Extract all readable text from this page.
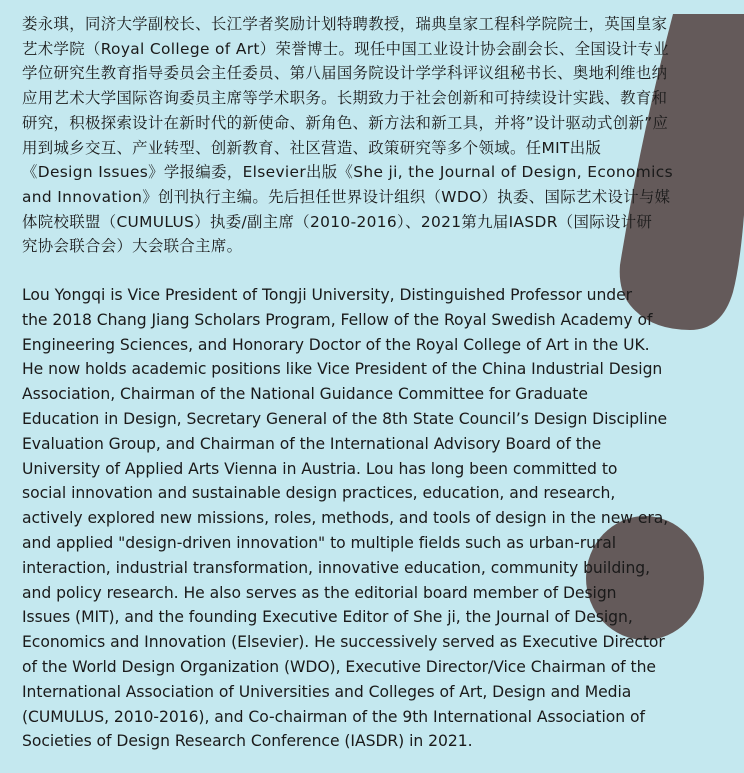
娄永琪，同济大学副校长、长江学者奖励计划特聘教授，瑞典皇家工程科学院院士，英国皇家
艺术学院（Royal College of Art）荣誉博士。现任中国工业设计协会副会长、全国设计专业
学位研究生教育指导委员会主任委员、第八届国务院设计学学科评议组秘书长、奥地利维也纳
应用艺术大学国际咨询委员主席等学术职务。长期致力于社会创新和可持续设计实践、教育和
研究，积极探索设计在新时代的新使命、新角色、新方法和新工具，并将”设计驱动式创新”应
用到城乡交互、产业转型、创新教育、社区营造、政策研究等多个领域。任MIT出版
《Design Issues》学报编委，Elsevier出版《She ji, the Journal of Design, Economics
and Innovation》创刊执行主编。先后担任世界设计组织（WDO）执委、国际艺术设计与媒
体院校联盟（CUMULUS）执委/副主席（2010-2016）、2021第九届IASDR（国际设计研
究协会联合会）大会联合主席。

Lou Yongqi is Vice President of Tongji University, Distinguished Professor under
the 2018 Chang Jiang Scholars Program, Fellow of the Royal Swedish Academy of
Engineering Sciences, and Honorary Doctor of the Royal College of Art in the UK.
He now holds academic positions like Vice President of the China Industrial Design
Association, Chairman of the National Guidance Committee for Graduate
Education in Design, Secretary General of the 8th State Council’s Design Discipline
Evaluation Group, and Chairman of the International Advisory Board of the
University of Applied Arts Vienna in Austria. Lou has long been committed to
social innovation and sustainable design practices, education, and research,
actively explored new missions, roles, methods, and tools of design in the new era,
and applied "design-driven innovation" to multiple fields such as urban-rural
interaction, industrial transformation, innovative education, community building,
and policy research. He also serves as the editorial board member of Design
Issues (MIT), and the founding Executive Editor of She ji, the Journal of Design,
Economics and Innovation (Elsevier). He successively served as Executive Director
of the World Design Organization (WDO), Executive Director/Vice Chairman of the
International Association of Universities and Colleges of Art, Design and Media
(CUMULUS, 2010-2016), and Co-chairman of the 9th International Association of
Societies of Design Research Conference (IASDR) in 2021.
